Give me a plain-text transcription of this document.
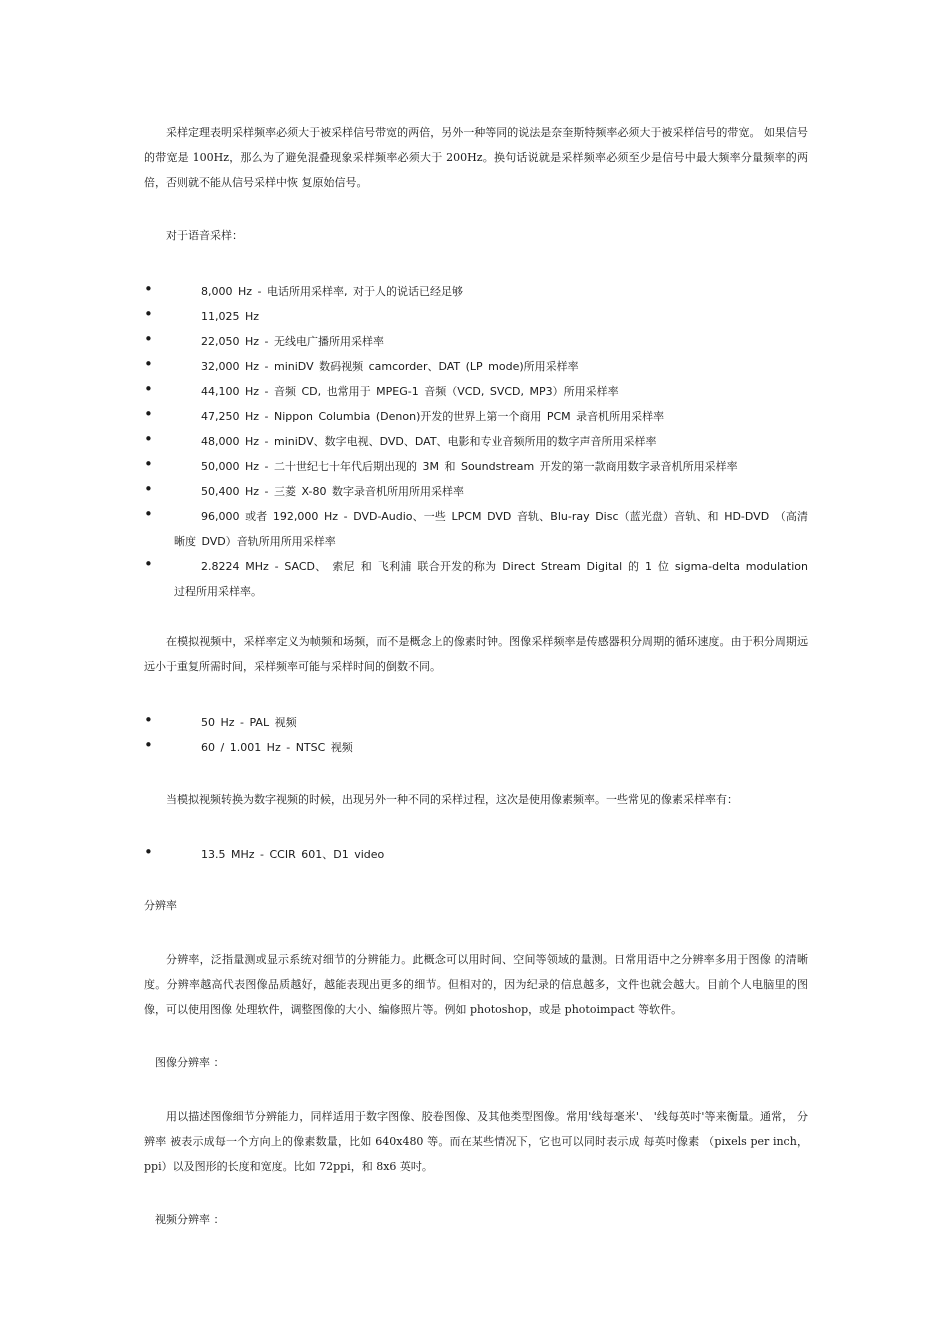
采样定理表明采样频率必须大于被采样信号带宽的两倍，另外一种等同的说法是奈奎斯特频率必须大于被采样信号的带宽。 如果信号的带宽是 100Hz，那么为了避免混叠现象采样频率必须大于 200Hz。换句话说就是采样频率必须至少是信号中最大频率分量频率的两倍，否则就不能从信号采样中恢 复原始信号。

对于语音采样：

•	8,000 Hz - 电话所用采样率, 对于人的说话已经足够
•	11,025 Hz
•	22,050 Hz - 无线电广播所用采样率
•	32,000 Hz - miniDV 数码视频 camcorder、DAT (LP mode)所用采样率
•	44,100 Hz - 音频 CD, 也常用于 MPEG-1 音频（VCD, SVCD, MP3）所用采样率
•	47,250 Hz - Nippon Columbia (Denon)开发的世界上第一个商用 PCM 录音机所用采样率
•	48,000 Hz - miniDV、数字电视、DVD、DAT、电影和专业音频所用的数字声音所用采样率
•	50,000 Hz - 二十世纪七十年代后期出现的 3M 和 Soundstream 开发的第一款商用数字录音机所用采样率
•	50,400 Hz - 三菱 X-80 数字录音机所用所用采样率
•	96,000 或者 192,000 Hz - DVD-Audio、一些 LPCM DVD 音轨、Blu-ray Disc（蓝光盘）音轨、和 HD-DVD （高清晰度 DVD）音轨所用所用采样率
•	2.8224 MHz - SACD、 索尼 和 飞利浦 联合开发的称为 Direct Stream Digital 的 1 位 sigma-delta modulation 过程所用采样率。

在模拟视频中，采样率定义为帧频和场频，而不是概念上的像素时钟。图像采样频率是传感器积分周期的循环速度。由于积分周期远远小于重复所需时间，采样频率可能与采样时间的倒数不同。

•	50 Hz - PAL 视频
•	60 / 1.001 Hz - NTSC 视频

当模拟视频转换为数字视频的时候，出现另外一种不同的采样过程，这次是使用像素频率。一些常见的像素采样率有：

•	13.5 MHz - CCIR 601、D1 video

分辨率

分辨率，泛指量测或显示系统对细节的分辨能力。此概念可以用时间、空间等领域的量测。日常用语中之分辨率多用于图像 的清晰度。分辨率越高代表图像品质越好，越能表现出更多的细节。但相对的，因为纪录的信息越多，文件也就会越大。目前个人电脑里的图像，可以使用图像 处理软件，调整图像的大小、编修照片等。例如 photoshop，或是 photoimpact 等软件。

图像分辨率 ：

用以描述图像细节分辨能力，同样适用于数字图像、胶卷图像、及其他类型图像。常用'线每毫米'、 '线每英吋'等来衡量。通常， 分辨率 被表示成每一个方向上的像素数量，比如 640x480 等。而在某些情况下，它也可以同时表示成 每英吋像素 （pixels per inch，ppi）以及图形的长度和宽度。比如 72ppi，和 8x6 英吋。

视频分辨率 ：
